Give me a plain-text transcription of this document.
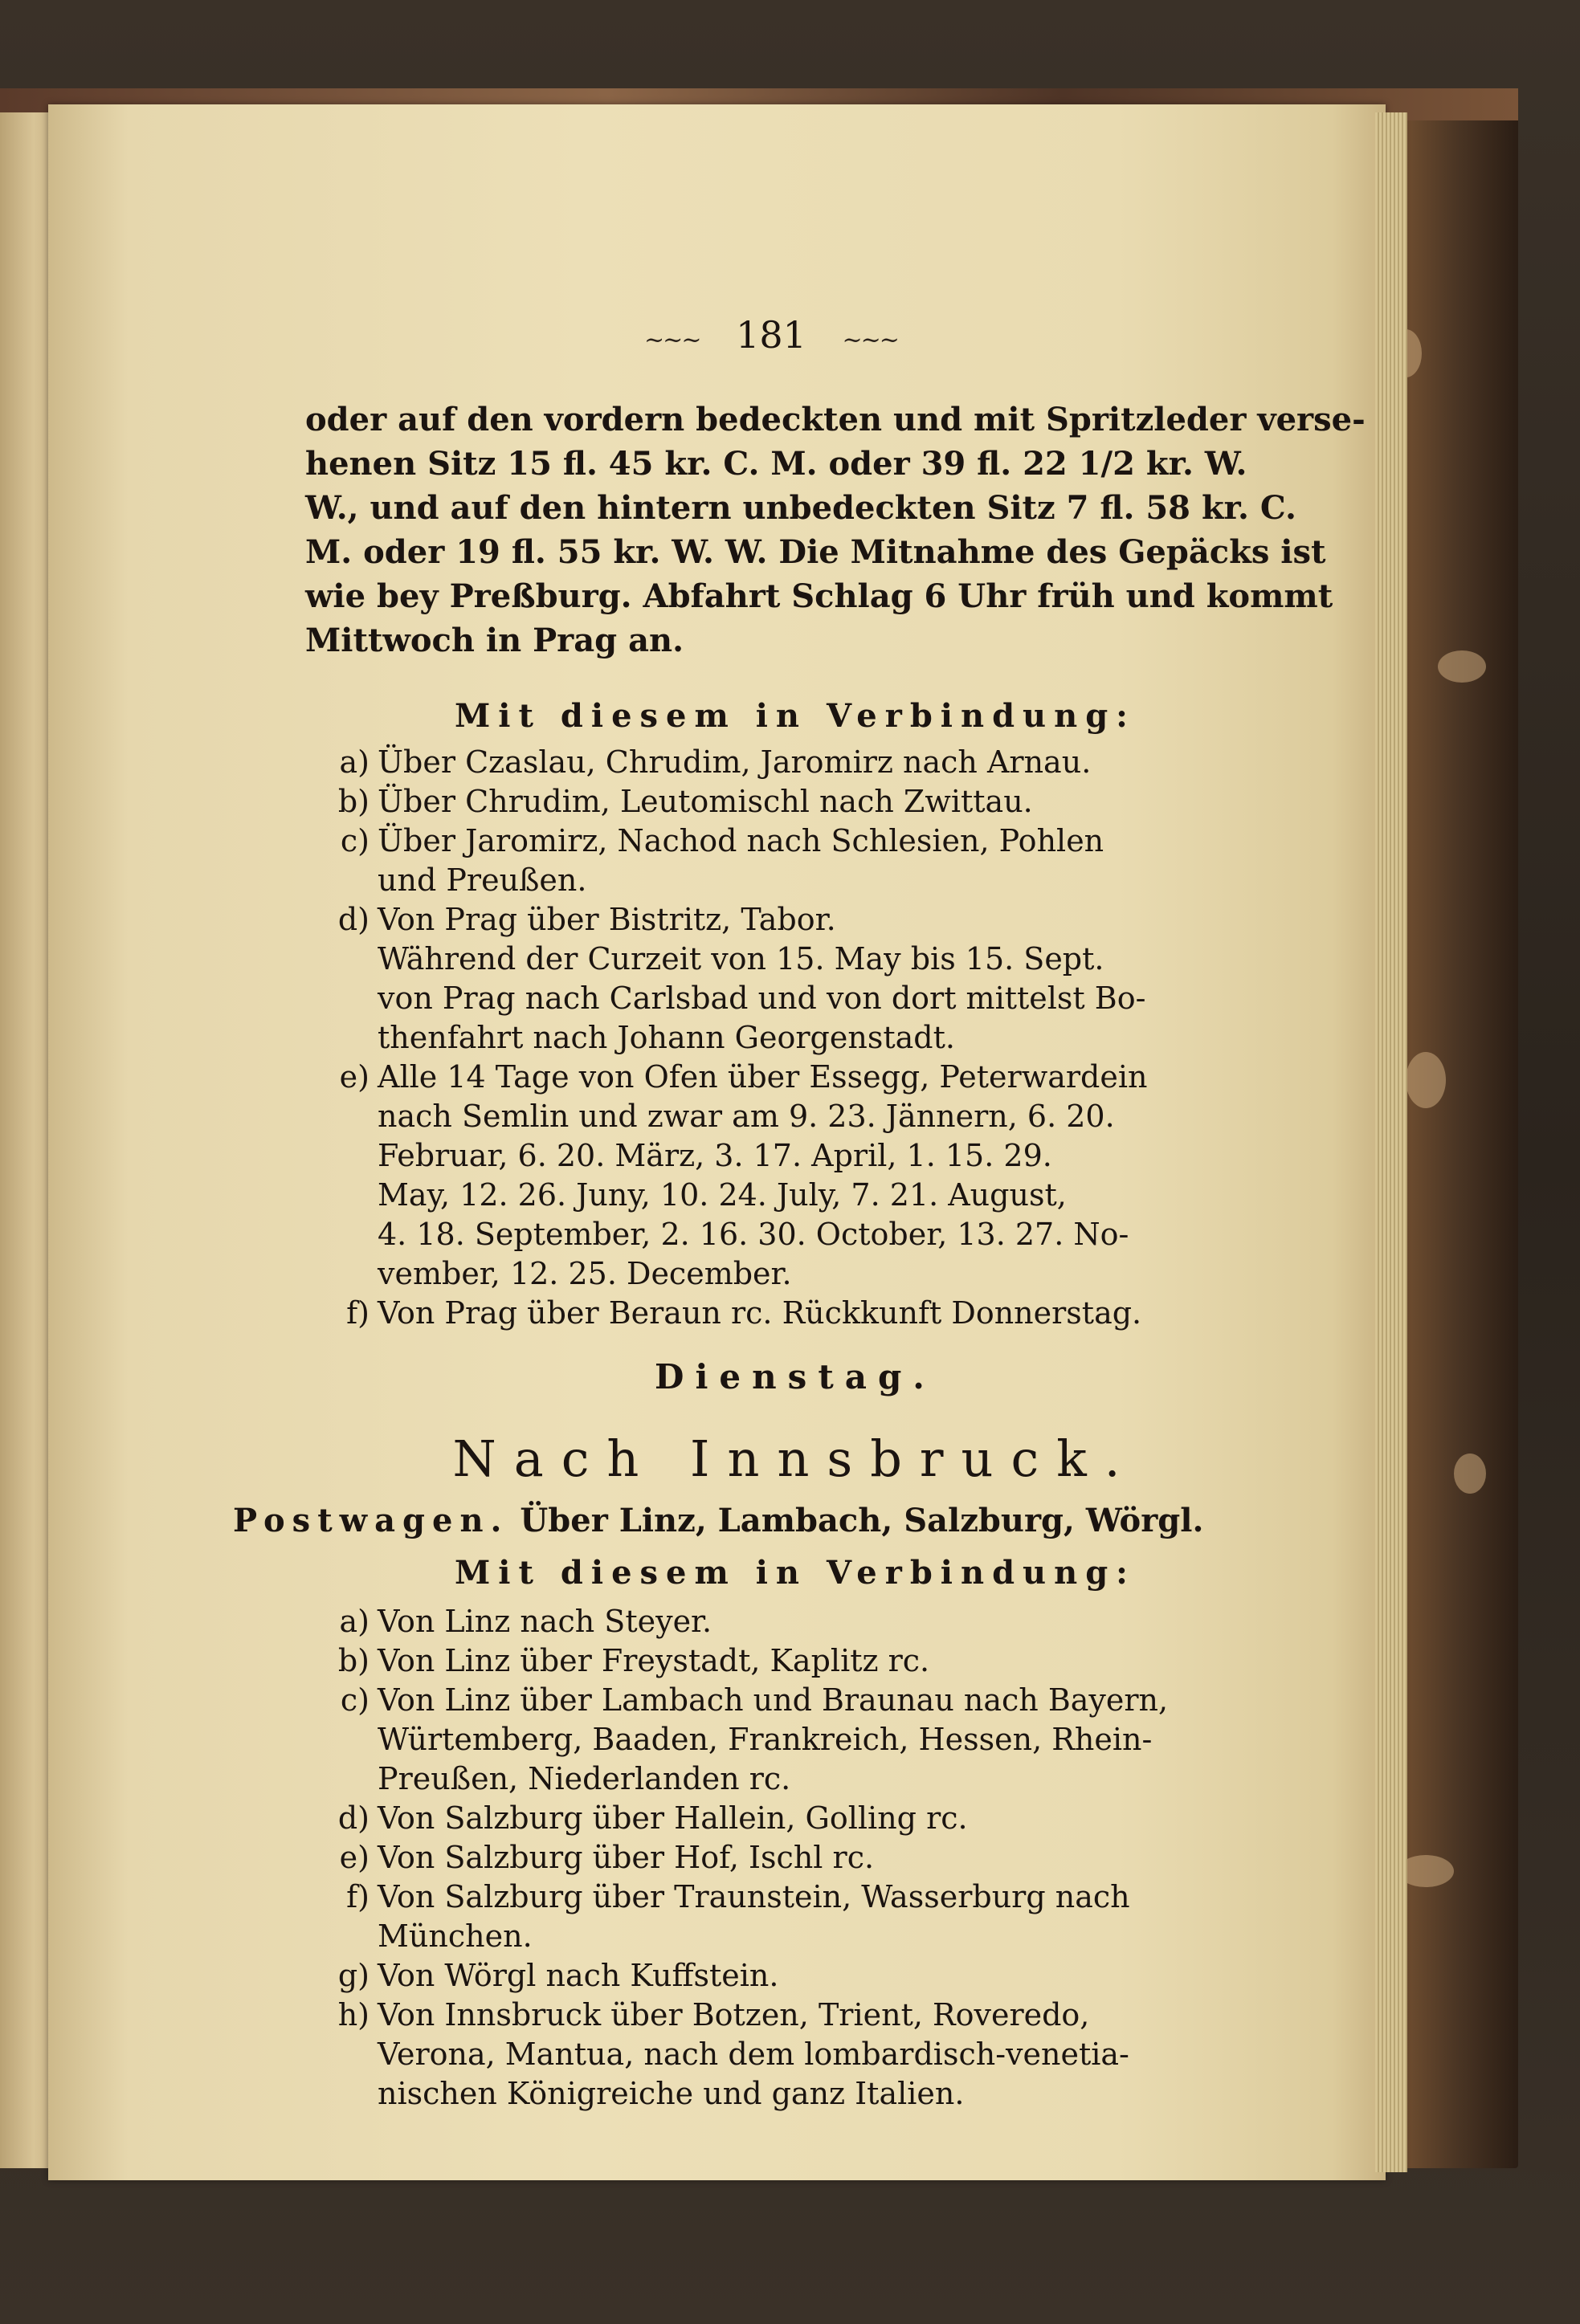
~~~ 181 ~~~
oder auf den vordern bedeckten und mit Spritzleder verse-
henen Sitz 15 fl. 45 kr. C. M. oder 39 fl. 22 1/2 kr. W.
W., und auf den hintern unbedeckten Sitz 7 fl. 58 kr. C.
M. oder 19 fl. 55 kr. W. W. Die Mitnahme des Gepäcks ist
wie bey Preßburg. Abfahrt Schlag 6 Uhr früh und kommt
Mittwoch in Prag an.
Mit diesem in Verbindung:
a) Über Czaslau, Chrudim, Jaromirz nach Arnau.
b) Über Chrudim, Leutomischl nach Zwittau.
c) Über Jaromirz, Nachod nach Schlesien, Pohlen
und Preußen.
d) Von Prag über Bistritz, Tabor.
Während der Curzeit von 15. May bis 15. Sept.
von Prag nach Carlsbad und von dort mittelst Bo-
thenfahrt nach Johann Georgenstadt.
e) Alle 14 Tage von Ofen über Essegg, Peterwardein
nach Semlin und zwar am 9. 23. Jännern, 6. 20.
Februar, 6. 20. März, 3. 17. April, 1. 15. 29.
May, 12. 26. Juny, 10. 24. July, 7. 21. August,
4. 18. September, 2. 16. 30. October, 13. 27. No-
vember, 12. 25. December.
f) Von Prag über Beraun rc. Rückkunft Donnerstag.
Dienstag.
Nach Innsbruck.
Postwagen. Über Linz, Lambach, Salzburg, Wörgl.
Mit diesem in Verbindung:
a) Von Linz nach Steyer.
b) Von Linz über Freystadt, Kaplitz rc.
c) Von Linz über Lambach und Braunau nach Bayern,
Würtemberg, Baaden, Frankreich, Hessen, Rhein-
Preußen, Niederlanden rc.
d) Von Salzburg über Hallein, Golling rc.
e) Von Salzburg über Hof, Ischl rc.
f) Von Salzburg über Traunstein, Wasserburg nach
München.
g) Von Wörgl nach Kuffstein.
h) Von Innsbruck über Botzen, Trient, Roveredo,
Verona, Mantua, nach dem lombardisch-venetia-
nischen Königreiche und ganz Italien.
